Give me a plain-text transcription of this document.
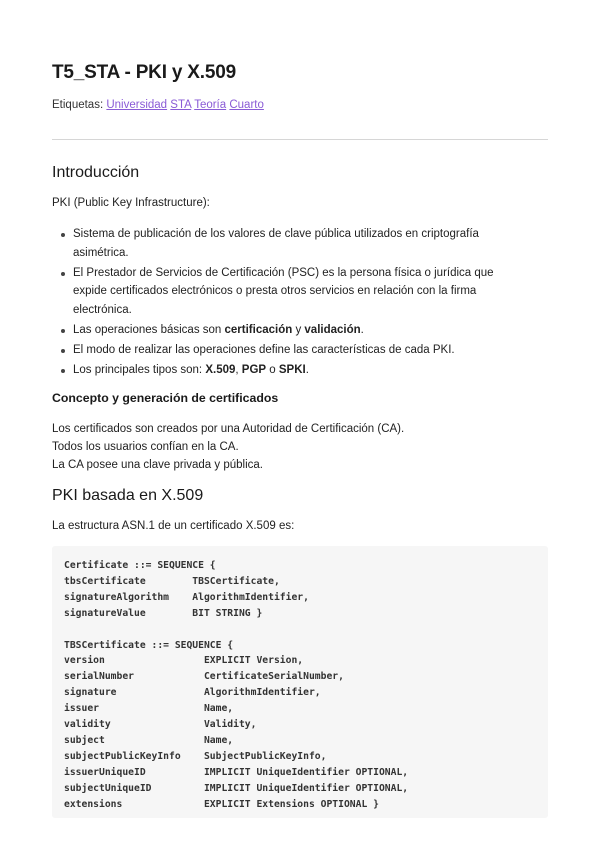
T5_STA - PKI y X.509
Etiquetas: Universidad STA Teoría Cuarto
Introducción

PKI (Public Key Infrastructure):

Sistema de publicación de los valores de clave pública utilizados en criptografía asimétrica.
El Prestador de Servicios de Certificación (PSC) es la persona física o jurídica que expide certificados electrónicos o presta otros servicios en relación con la firma electrónica.
Las operaciones básicas son certificación y validación.
El modo de realizar las operaciones define las características de cada PKI.
Los principales tipos son: X.509, PGP o SPKI.
Concepto y generación de certificados

Los certificados son creados por una Autoridad de Certificación (CA).
Todos los usuarios confían en la CA.
La CA posee una clave privada y pública.

PKI basada en X.509

La estructura ASN.1 de un certificado X.509 es:

Certificate ::= SEQUENCE {
tbsCertificate        TBSCertificate,
signatureAlgorithm    AlgorithmIdentifier,
signatureValue        BIT STRING }

TBSCertificate ::= SEQUENCE {
version                 EXPLICIT Version,
serialNumber            CertificateSerialNumber,
signature               AlgorithmIdentifier,
issuer                  Name,
validity                Validity,
subject                 Name,
subjectPublicKeyInfo    SubjectPublicKeyInfo,
issuerUniqueID          IMPLICIT UniqueIdentifier OPTIONAL,
subjectUniqueID         IMPLICIT UniqueIdentifier OPTIONAL,
extensions              EXPLICIT Extensions OPTIONAL }
